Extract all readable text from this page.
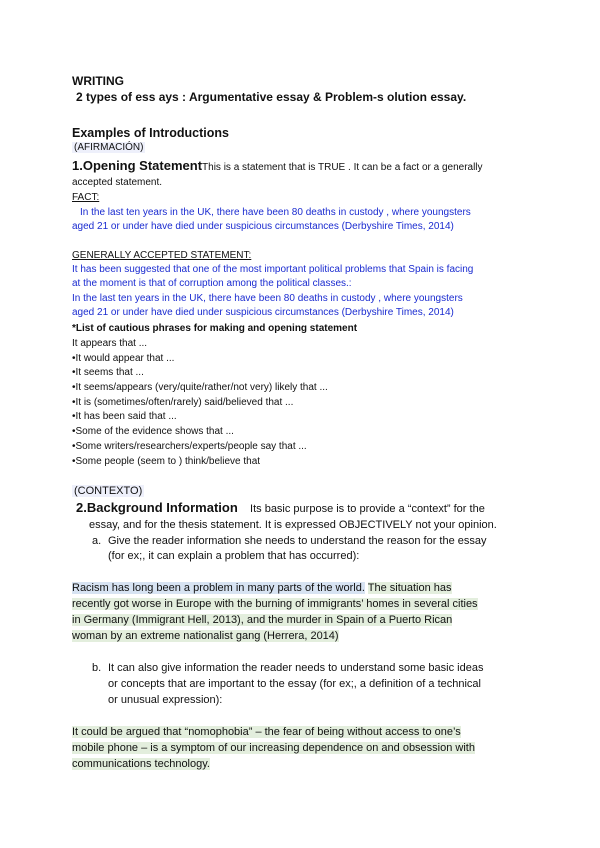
WRITING
2 types of ess ays : Argumentative essay & Problem-s olution essay.
Examples of Introductions
(AFIRMACIÓN)
1.Opening StatementThis is a statement that is TRUE . It can be a fact or a generally
accepted statement.
FACT:
In the last ten years in the UK, there have been 80 deaths in custody , where youngsters
aged 21 or under have died under suspicious circumstances (Derbyshire Times, 2014)
GENERALLY ACCEPTED STATEMENT:
It has been suggested that one of the most important political problems that Spain is facing
at the moment is that of corruption among the political classes.:
In the last ten years in the UK, there have been 80 deaths in custody , where youngsters
aged 21 or under have died under suspicious circumstances (Derbyshire Times, 2014)
*List of cautious phrases for making and opening statement
It appears that ...
•It would appear that ...
•It seems that ...
•It seems/appears (very/quite/rather/not very) likely that ...
•It is (sometimes/often/rarely) said/believed that ...
•It has been said that ...
•Some of the evidence shows that ...
•Some writers/researchers/experts/people say that ...
•Some people (seem to ) think/believe that
(CONTEXTO)
2.Background Information Its basic purpose is to provide a “context” for the
essay, and for the thesis statement. It is expressed OBJECTIVELY not your opinion.
a. Give the reader information she needs to understand the reason for the essay
(for ex;, it can explain a problem that has occurred):
Racism has long been a problem in many parts of the world. The situation has
recently got worse in Europe with the burning of immigrants’ homes in several cities
in Germany (Immigrant Hell, 2013), and the murder in Spain of a Puerto Rican
woman by an extreme nationalist gang (Herrera, 2014)
b. It can also give information the reader needs to understand some basic ideas
or concepts that are important to the essay (for ex;, a definition of a technical
or unusual expression):
It could be argued that “nomophobia” – the fear of being without access to one’s
mobile phone – is a symptom of our increasing dependence on and obsession with
communications technology.
